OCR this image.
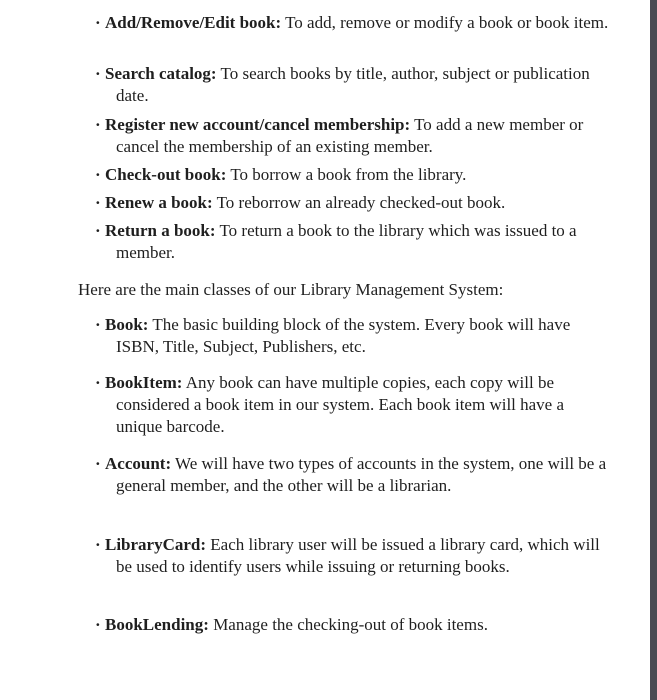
· Add/Remove/Edit book: To add, remove or modify a book or book item.

· Search catalog: To search books by title, author, subject or publication date.

· Register new account/cancel membership: To add a new member or cancel the membership of an existing member.

· Check-out book: To borrow a book from the library.

· Renew a book: To reborrow an already checked-out book.

· Return a book: To return a book to the library which was issued to a member.

Here are the main classes of our Library Management System:

· Book: The basic building block of the system. Every book will have ISBN, Title, Subject, Publishers, etc.

· BookItem: Any book can have multiple copies, each copy will be considered a book item in our system. Each book item will have a unique barcode.

· Account: We will have two types of accounts in the system, one will be a general member, and the other will be a librarian.

· LibraryCard: Each library user will be issued a library card, which will be used to identify users while issuing or returning books.

· BookLending: Manage the checking-out of book items.
